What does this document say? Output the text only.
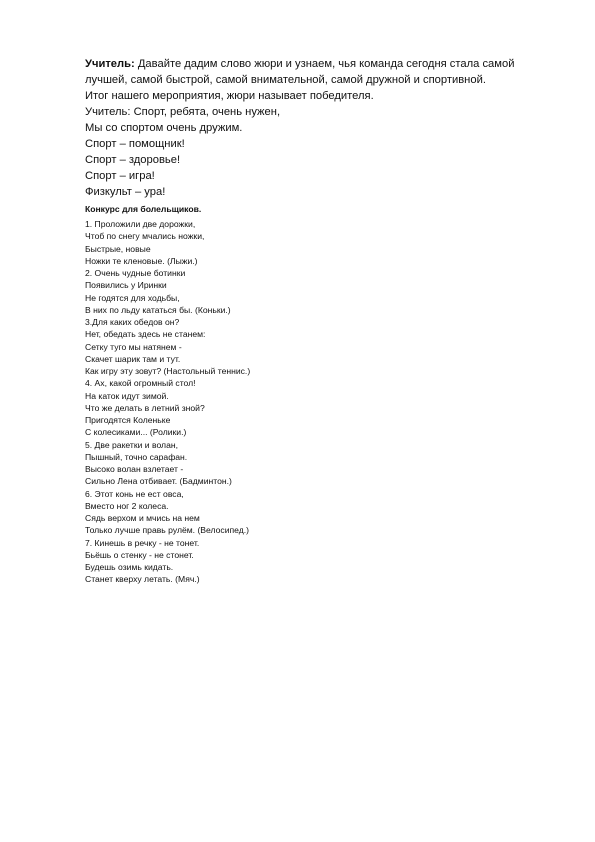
Учитель: Давайте дадим слово жюри и узнаем, чья команда сегодня стала самой

лучшей, самой быстрой, самой внимательной, самой дружной и спортивной.

Итог нашего мероприятия, жюри называет победителя.

Учитель: Спорт, ребята, очень нужен,

Мы со спортом очень дружим.

Спорт – помощник!

Спорт – здоровье!

Спорт – игра!

Физкульт – ура!

Конкурс для болельщиков.

1. Проложили две дорожки,
Чтоб по снегу мчались ножки,
Быстрые, новые
Ножки те кленовые. (Лыжи.)
2. Очень чудные ботинки
Появились у Иринки
Не годятся для ходьбы,
В них по льду кататься бы. (Коньки.)
3.Для каких обедов он?
Нет, обедать здесь не станем:
Сетку туго мы натянем -
Скачет шарик там и тут.
Как игру эту зовут? (Настольный теннис.)
4. Ах, какой огромный стол!
На каток идут зимой.
Что же делать в летний зной?
Пригодятся Коленьке
С колесиками... (Ролики.)
5. Две ракетки и волан,
Пышный, точно сарафан.
Высоко волан взлетает -
Сильно Лена отбивает. (Бадминтон.)
6. Этот конь не ест овса,
Вместо ног 2 колеса.
Сядь верхом и мчись на нем
Только лучше правь рулём. (Велосипед.)
7. Кинешь в речку - не тонет.
Бьёшь о стенку - не стонет.
Будешь озимь кидать.
Станет кверху летать. (Мяч.)
